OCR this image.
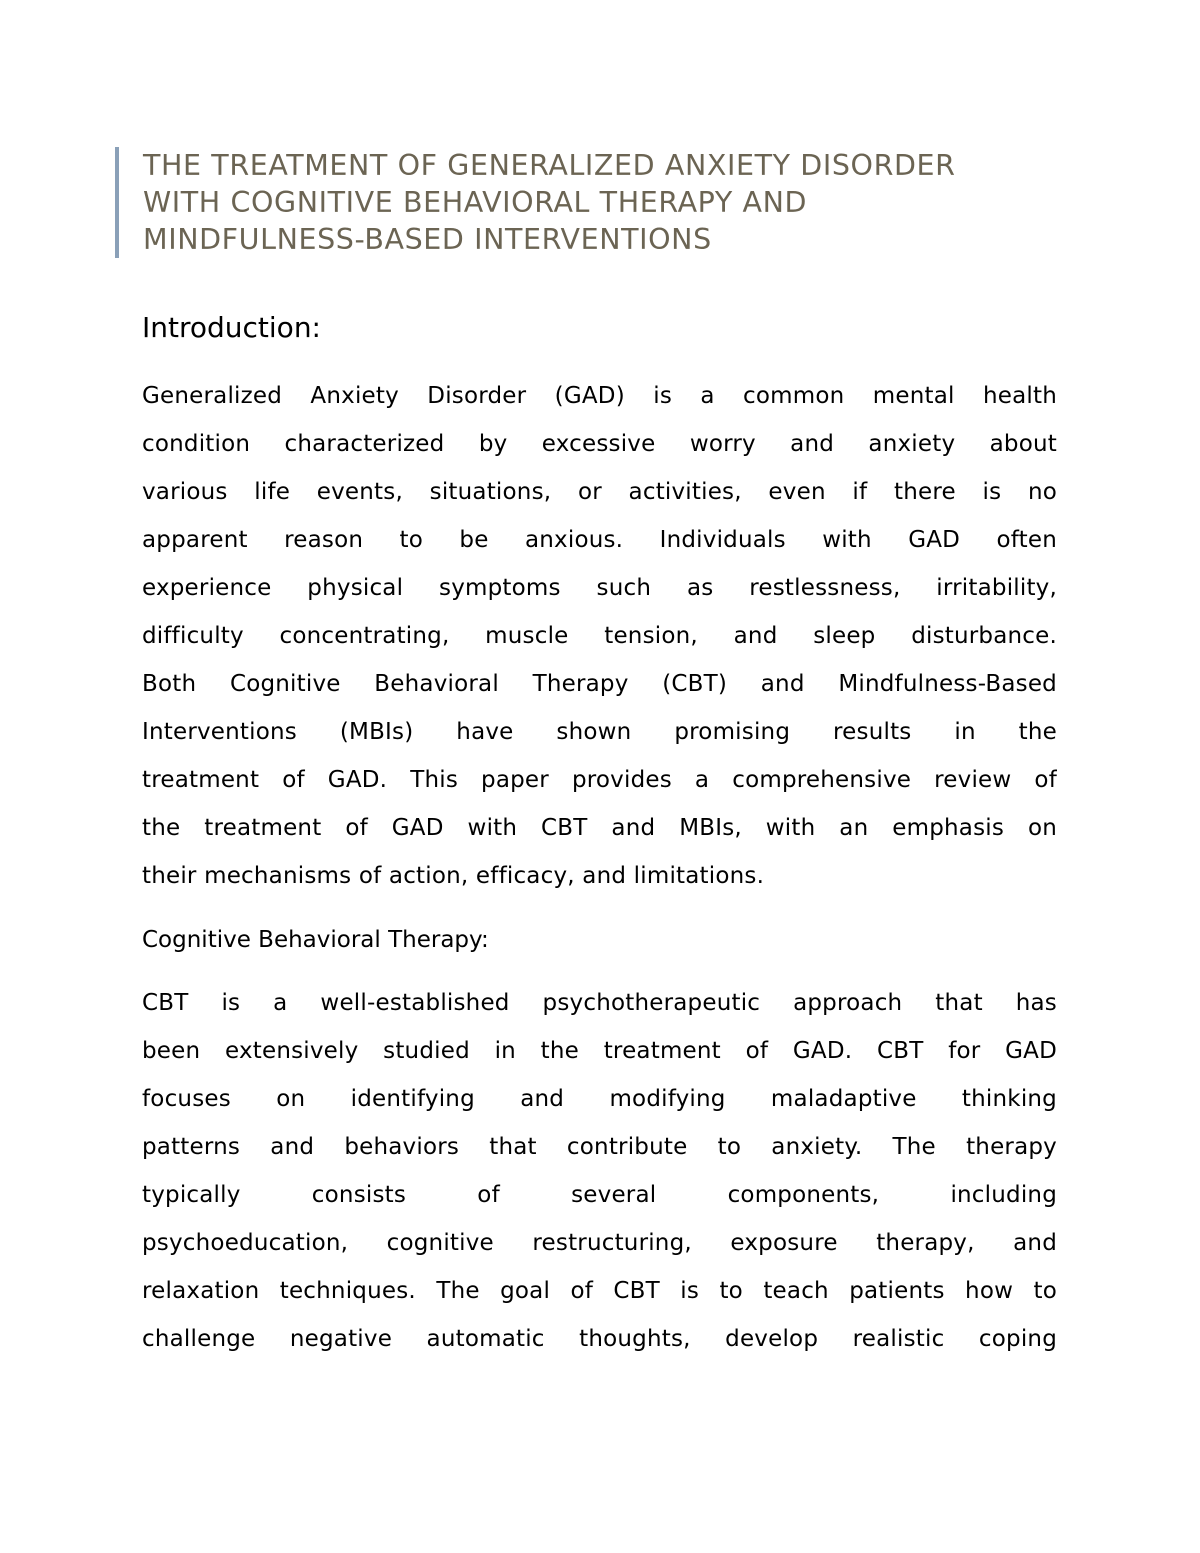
THE TREATMENT OF GENERALIZED ANXIETY DISORDER
WITH COGNITIVE BEHAVIORAL THERAPY AND
MINDFULNESS-BASED INTERVENTIONS
Introduction:
Generalized Anxiety Disorder (GAD) is a common mental health
condition characterized by excessive worry and anxiety about
various life events, situations, or activities, even if there is no
apparent reason to be anxious. Individuals with GAD often
experience physical symptoms such as restlessness, irritability,
difficulty concentrating, muscle tension, and sleep disturbance.
Both Cognitive Behavioral Therapy (CBT) and Mindfulness-Based
Interventions (MBIs) have shown promising results in the
treatment of GAD. This paper provides a comprehensive review of
the treatment of GAD with CBT and MBIs, with an emphasis on
their mechanisms of action, efficacy, and limitations.
Cognitive Behavioral Therapy:
CBT is a well-established psychotherapeutic approach that has
been extensively studied in the treatment of GAD. CBT for GAD
focuses on identifying and modifying maladaptive thinking
patterns and behaviors that contribute to anxiety. The therapy
typically consists of several components, including
psychoeducation, cognitive restructuring, exposure therapy, and
relaxation techniques. The goal of CBT is to teach patients how to
challenge negative automatic thoughts, develop realistic coping
